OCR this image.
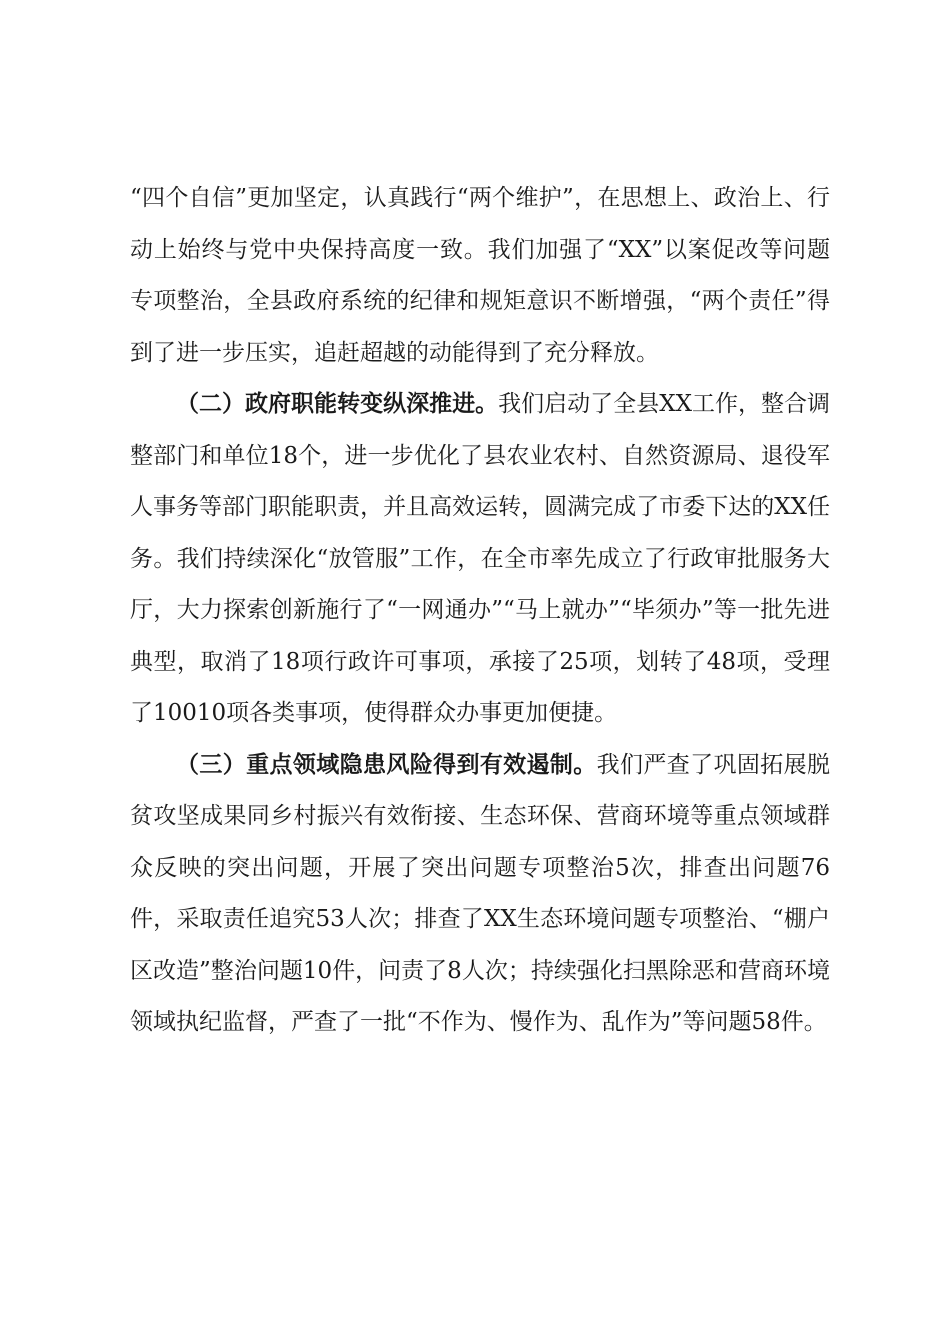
“四个自信”更加坚定，认真践行“两个维护”，在思想上、政治上、行动上始终与党中央保持高度一致。我们加强了“XX”以案促改等问题专项整治，全县政府系统的纪律和规矩意识不断增强，“两个责任”得到了进一步压实，追赶超越的动能得到了充分释放。

（二）政府职能转变纵深推进。我们启动了全县XX工作，整合调整部门和单位18个，进一步优化了县农业农村、自然资源局、退役军人事务等部门职能职责，并且高效运转，圆满完成了市委下达的XX任务。我们持续深化“放管服”工作，在全市率先成立了行政审批服务大厅，大力探索创新施行了“一网通办”“马上就办”“毕须办”等一批先进典型，取消了18项行政许可事项，承接了25项，划转了48项，受理了10010项各类事项，使得群众办事更加便捷。

（三）重点领域隐患风险得到有效遏制。我们严查了巩固拓展脱贫攻坚成果同乡村振兴有效衔接、生态环保、营商环境等重点领域群众反映的突出问题，开展了突出问题专项整治5次，排查出问题76件，采取责任追究53人次；排查了XX生态环境问题专项整治、“棚户区改造”整治问题10件，问责了8人次；持续强化扫黑除恶和营商环境领域执纪监督，严查了一批“不作为、慢作为、乱作为”等问题58件。
